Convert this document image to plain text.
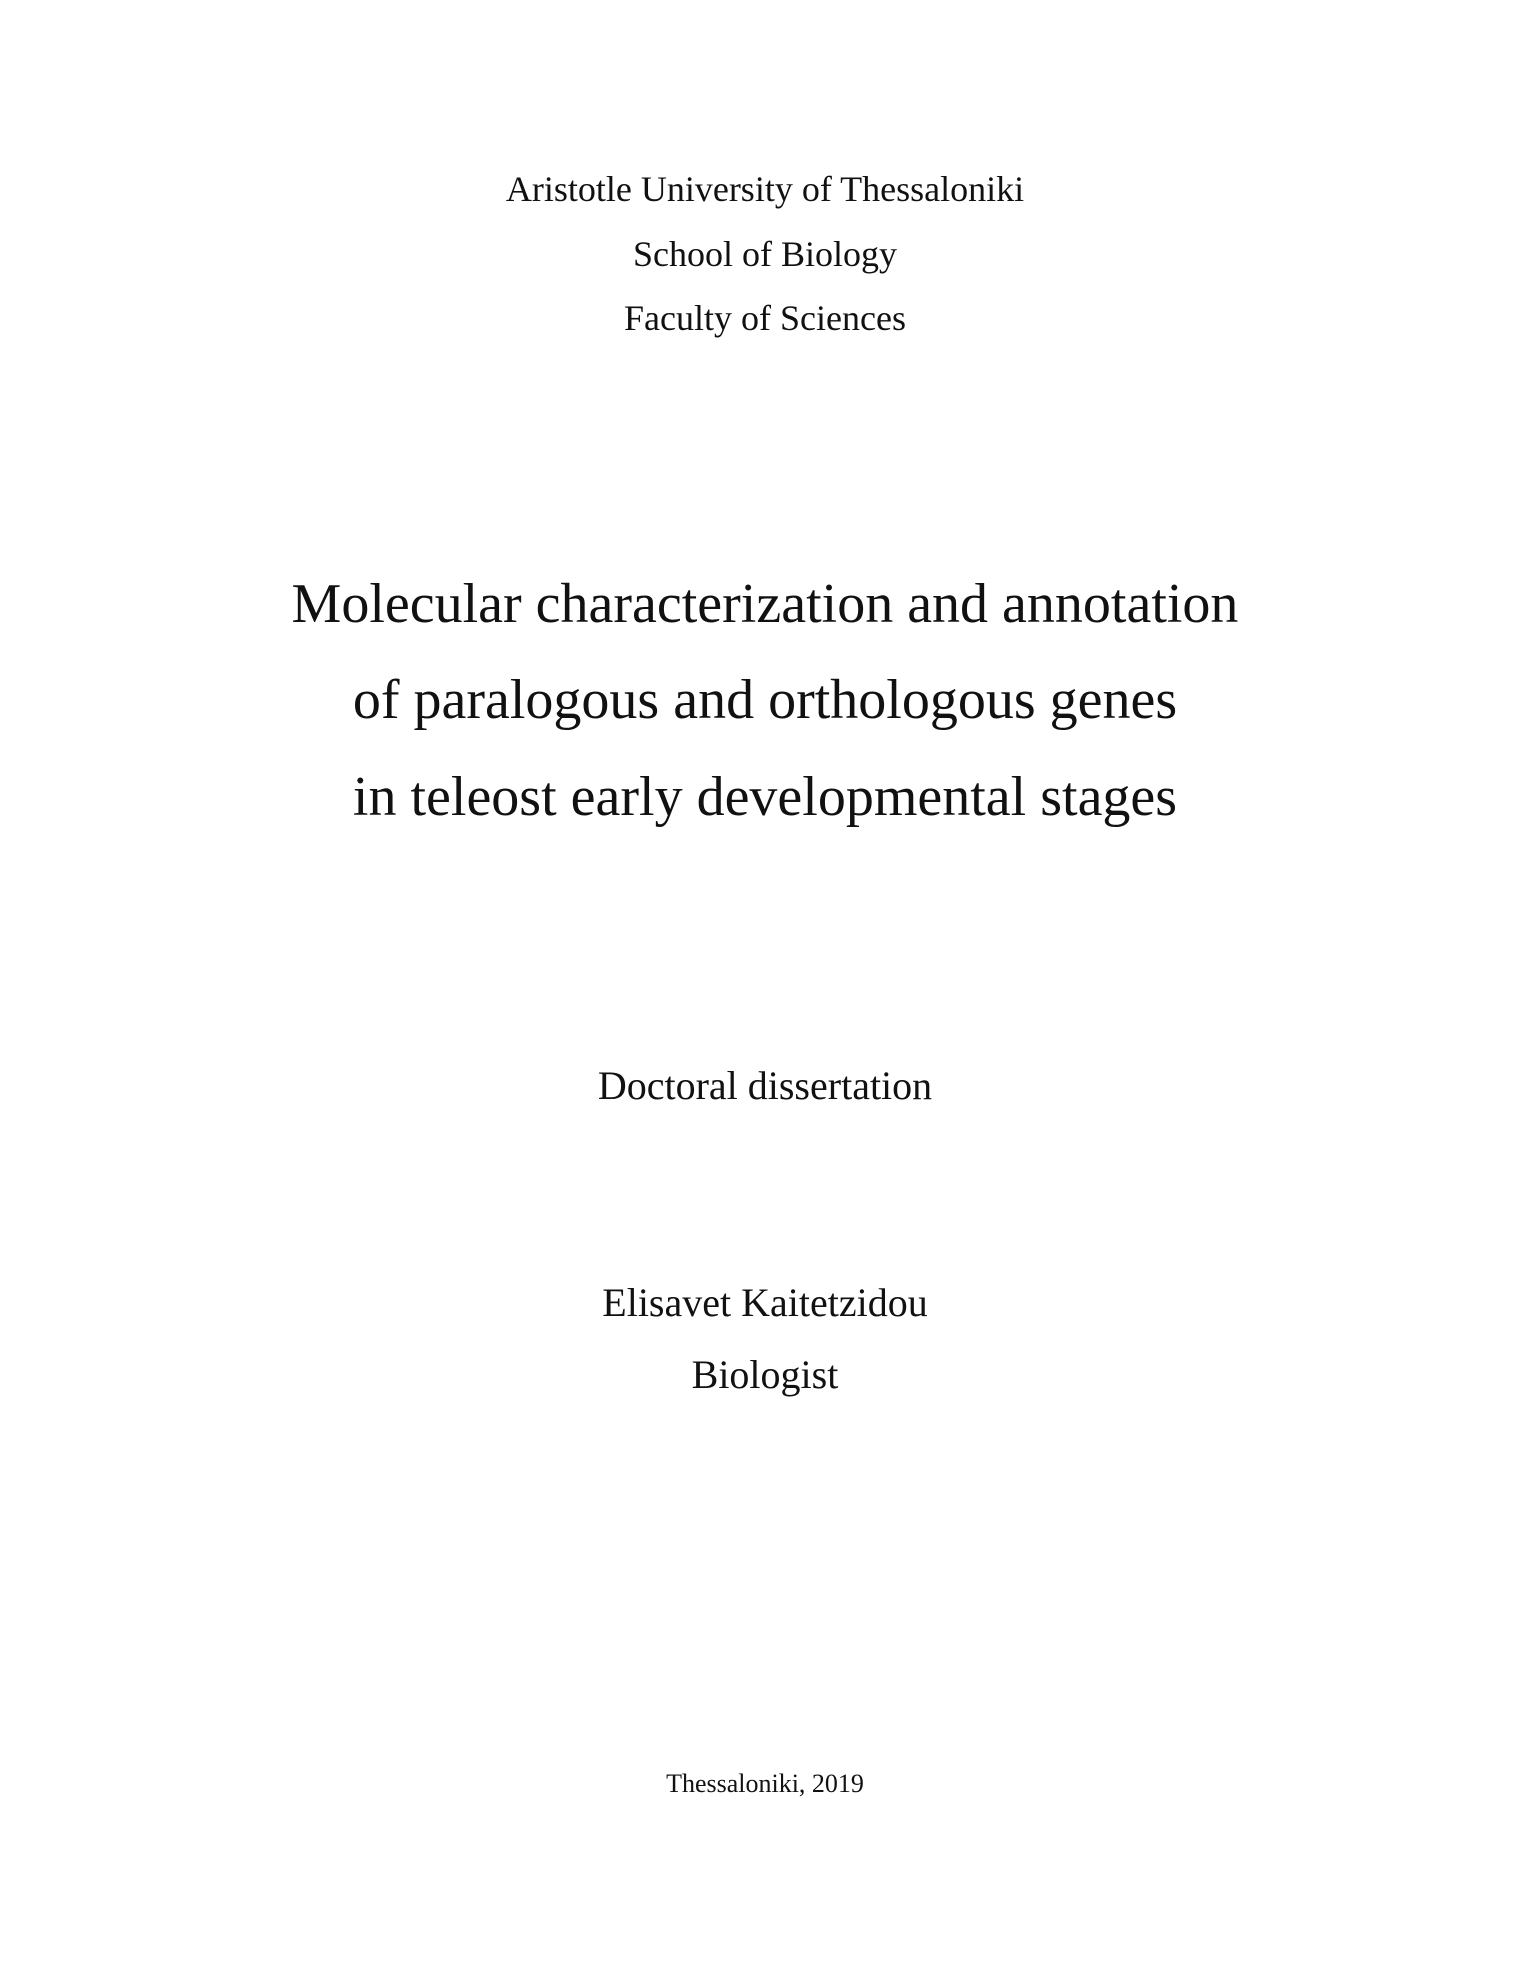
Aristotle University of Thessaloniki
School of Biology
Faculty of Sciences
Molecular characterization and annotation
of paralogous and orthologous genes
in teleost early developmental stages
Doctoral dissertation
Elisavet Kaitetzidou
Biologist
Thessaloniki, 2019
